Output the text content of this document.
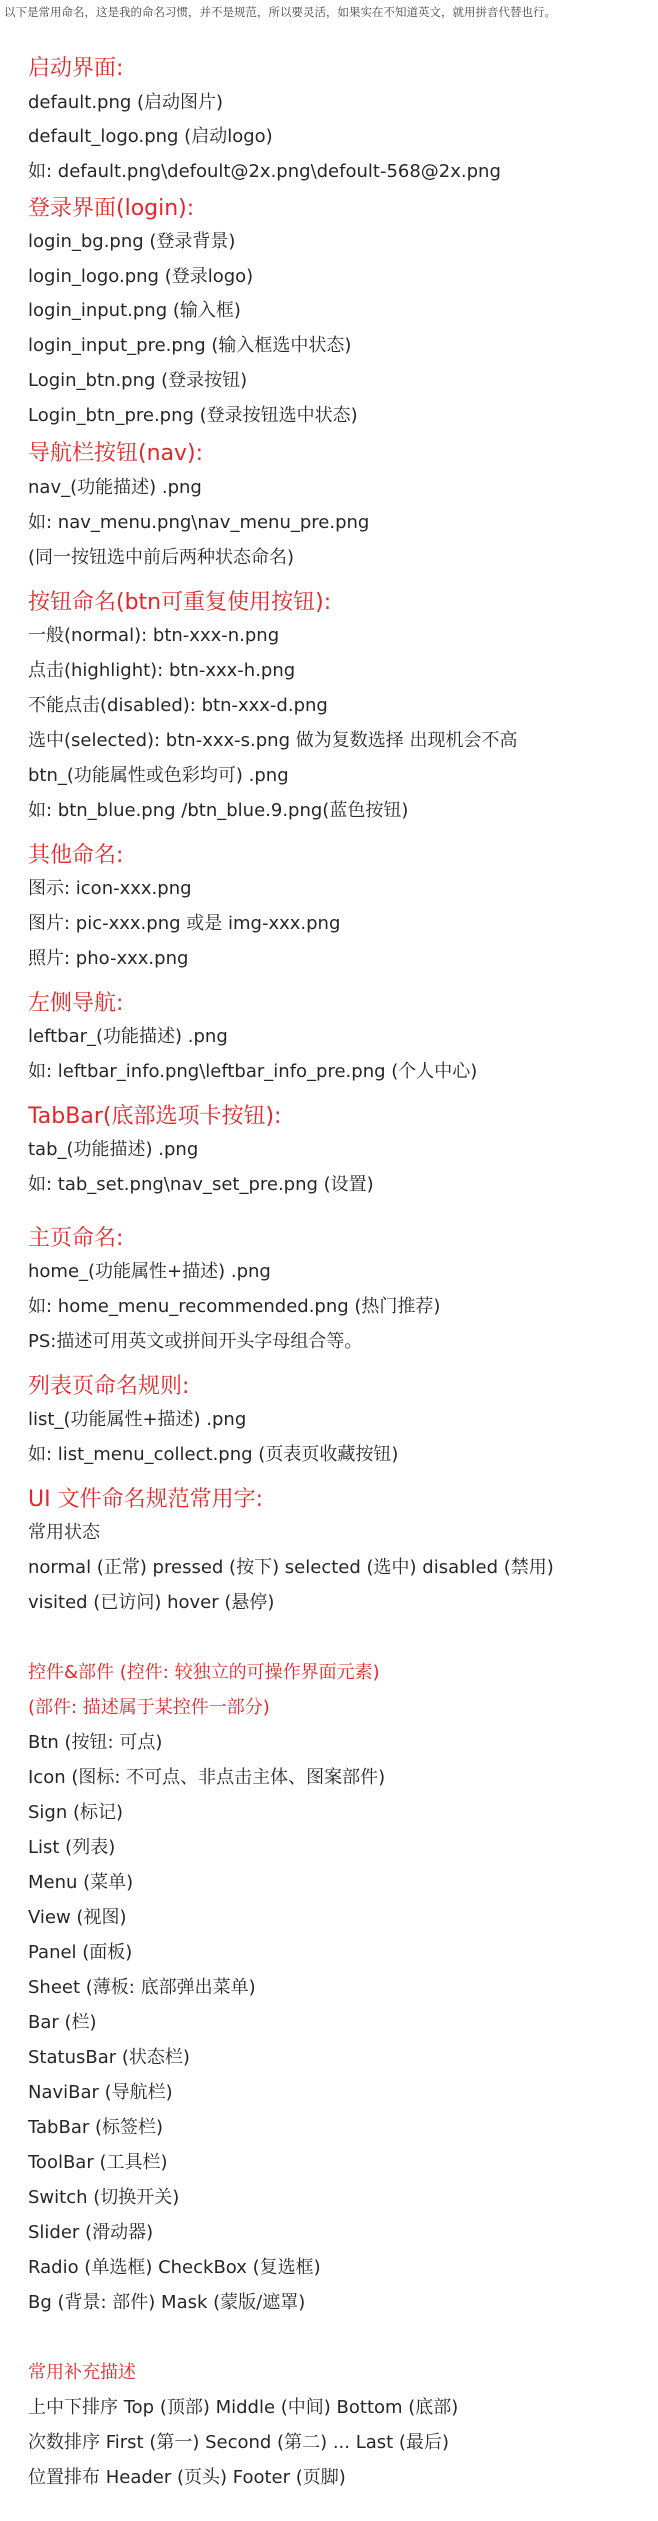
以下是常用命名，这是我的命名习惯，并不是规范，所以要灵活，如果实在不知道英文，就用拼音代替也行。
启动界面:
default.png (启动图片)
default_logo.png (启动logo)
如: default.png\defoult@2x.png\defoult-568@2x.png
登录界面(login):
login_bg.png (登录背景)
login_logo.png (登录logo)
login_input.png (输入框)
login_input_pre.png (输入框选中状态)
Login_btn.png (登录按钮)
Login_btn_pre.png (登录按钮选中状态)
导航栏按钮(nav):
nav_(功能描述) .png
如: nav_menu.png\nav_menu_pre.png
(同一按钮选中前后两种状态命名)
按钮命名(btn可重复使用按钮):
一般(normal): btn-xxx-n.png
点击(highlight): btn-xxx-h.png
不能点击(disabled): btn-xxx-d.png
选中(selected): btn-xxx-s.png 做为复数选择 出现机会不高
btn_(功能属性或色彩均可) .png
如: btn_blue.png /btn_blue.9.png(蓝色按钮)
其他命名:
图示: icon-xxx.png
图片: pic-xxx.png 或是 img-xxx.png
照片: pho-xxx.png
左侧导航:
leftbar_(功能描述) .png
如: leftbar_info.png\leftbar_info_pre.png (个人中心)
TabBar(底部选项卡按钮):
tab_(功能描述) .png
如: tab_set.png\nav_set_pre.png (设置)
主页命名:
home_(功能属性+描述) .png
如: home_menu_recommended.png (热门推荐)
PS:描述可用英文或拼间开头字母组合等。
列表页命名规则:
list_(功能属性+描述) .png
如: list_menu_collect.png (页表页收藏按钮)
UI 文件命名规范常用字:
常用状态
normal (正常) pressed (按下) selected (选中) disabled (禁用)
visited (已访问) hover (悬停)
控件&部件 (控件: 较独立的可操作界面元素)
(部件: 描述属于某控件一部分)
Btn (按钮: 可点)
Icon (图标: 不可点、非点击主体、图案部件)
Sign (标记)
List (列表)
Menu (菜单)
View (视图)
Panel (面板)
Sheet (薄板: 底部弹出菜单)
Bar (栏)
StatusBar (状态栏)
NaviBar (导航栏)
TabBar (标签栏)
ToolBar (工具栏)
Switch (切换开关)
Slider (滑动器)
Radio (单选框) CheckBox (复选框)
Bg (背景: 部件) Mask (蒙版/遮罩)
常用补充描述
上中下排序 Top (顶部) Middle (中间) Bottom (底部)
次数排序 First (第一) Second (第二) ... Last (最后)
位置排布 Header (页头) Footer (页脚)
